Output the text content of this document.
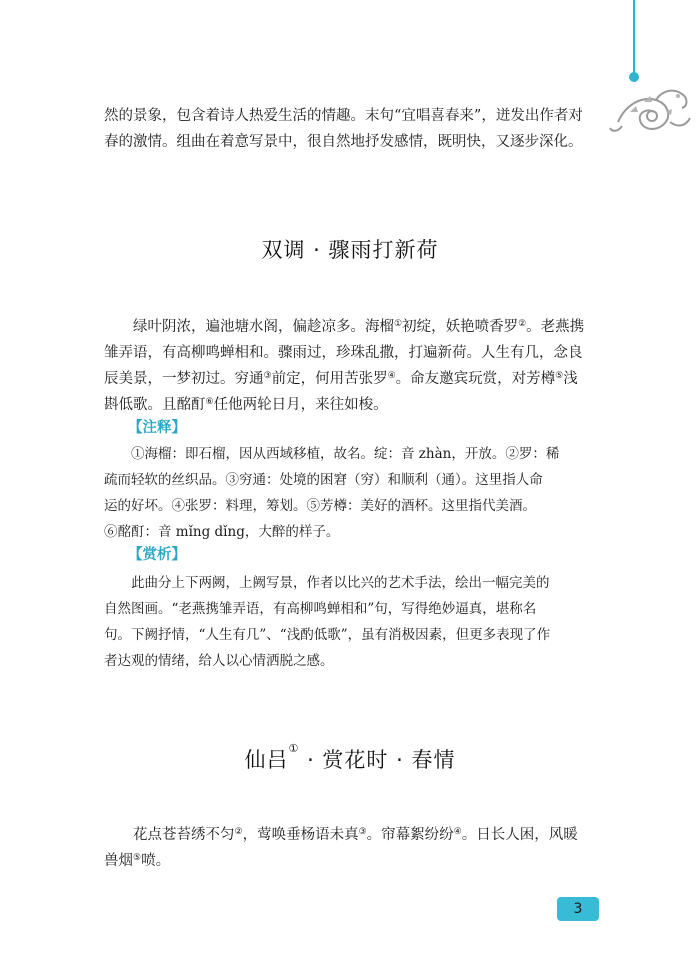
然的景象，包含着诗人热爱生活的情趣。末句“宜唱喜春来”，迸发出作者对
春的激情。组曲在着意写景中，很自然地抒发感情，既明快，又逐步深化。

双调 · 骤雨打新荷

绿叶阴浓，遍池塘水阁，偏趁凉多。海榴①初绽，妖艳喷香罗②。老燕携
雏弄语，有高柳鸣蝉相和。骤雨过，珍珠乱撒，打遍新荷。人生有几，念良
辰美景，一梦初过。穷通③前定，何用苦张罗④。命友邀宾玩赏，对芳樽⑤浅
斟低歌。且酩酊⑥任他两轮日月，来往如梭。

【注释】

①海榴：即石榴，因从西域移植，故名。绽：音 zhàn，开放。②罗：稀
疏而轻软的丝织品。③穷通：处境的困窘（穷）和顺利（通）。这里指人命
运的好坏。④张罗：料理，筹划。⑤芳樽：美好的酒杯。这里指代美酒。
⑥酩酊：音 mǐng dǐng，大醉的样子。

【赏析】

此曲分上下两阙，上阙写景，作者以比兴的艺术手法，绘出一幅完美的
自然图画。“老燕携雏弄语，有高柳鸣蝉相和”句，写得绝妙逼真，堪称名
句。下阙抒情，“人生有几”、“浅酌低歌”，虽有消极因素，但更多表现了作
者达观的情绪，给人以心情洒脱之感。

仙吕① · 赏花时 · 春情

花点苍苔绣不匀②，莺唤垂杨语未真③。帘幕絮纷纷④。日长人困，风暖
兽烟⑤喷。

3
